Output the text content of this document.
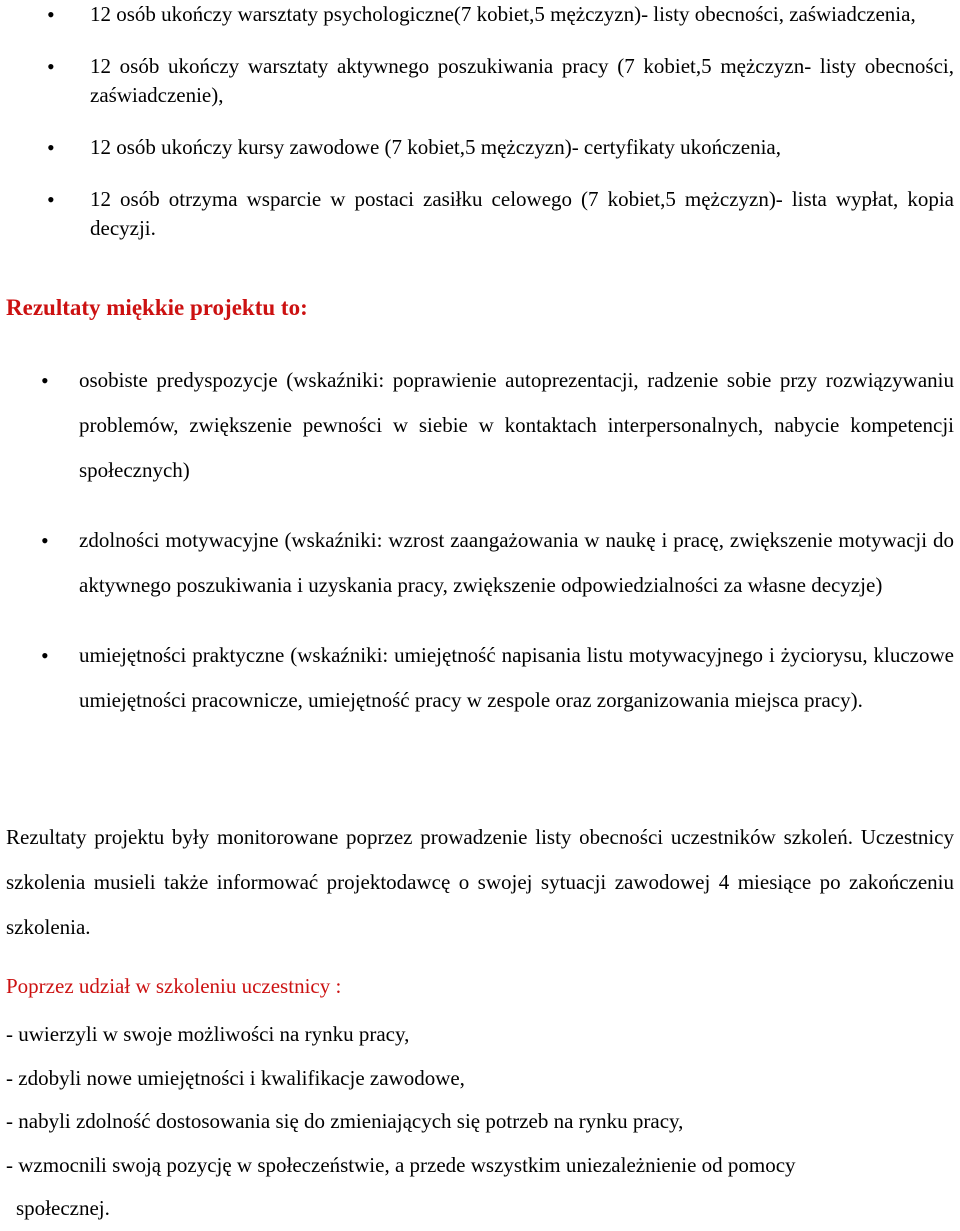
• 12 osób ukończy warsztaty psychologiczne(7 kobiet,5 mężczyzn)- listy obecności, zaświadczenia,
• 12 osób ukończy warsztaty aktywnego poszukiwania pracy (7 kobiet,5 mężczyzn- listy obecności, zaświadczenie),
• 12 osób ukończy kursy zawodowe (7 kobiet,5 mężczyzn)- certyfikaty ukończenia,
• 12 osób otrzyma wsparcie w postaci zasiłku celowego (7 kobiet,5 mężczyzn)- lista wypłat, kopia decyzji.
Rezultaty miękkie projektu to:
• osobiste predyspozycje (wskaźniki: poprawienie autoprezentacji, radzenie sobie przy rozwiązywaniu problemów, zwiększenie pewności w siebie w kontaktach interpersonalnych, nabycie kompetencji społecznych)
• zdolności motywacyjne (wskaźniki: wzrost zaangażowania w naukę i pracę, zwiększenie motywacji do aktywnego poszukiwania i uzyskania pracy, zwiększenie odpowiedzialności za własne decyzje)
• umiejętności praktyczne (wskaźniki: umiejętność napisania listu motywacyjnego i życiorysu, kluczowe umiejętności pracownicze, umiejętność pracy w zespole oraz zorganizowania miejsca pracy).

Rezultaty projektu były monitorowane poprzez prowadzenie listy obecności uczestników szkoleń. Uczestnicy szkolenia musieli także informować projektodawcę o swojej sytuacji zawodowej 4 miesiące po zakończeniu szkolenia.

Poprzez udział w szkoleniu uczestnicy :

- uwierzyli w swoje możliwości na rynku pracy,
- zdobyli nowe umiejętności i kwalifikacje zawodowe,
- nabyli zdolność dostosowania się do zmieniających się potrzeb na rynku pracy,
- wzmocnili swoją pozycję w społeczeństwie, a przede wszystkim uniezależnienie od pomocy
społecznej.
